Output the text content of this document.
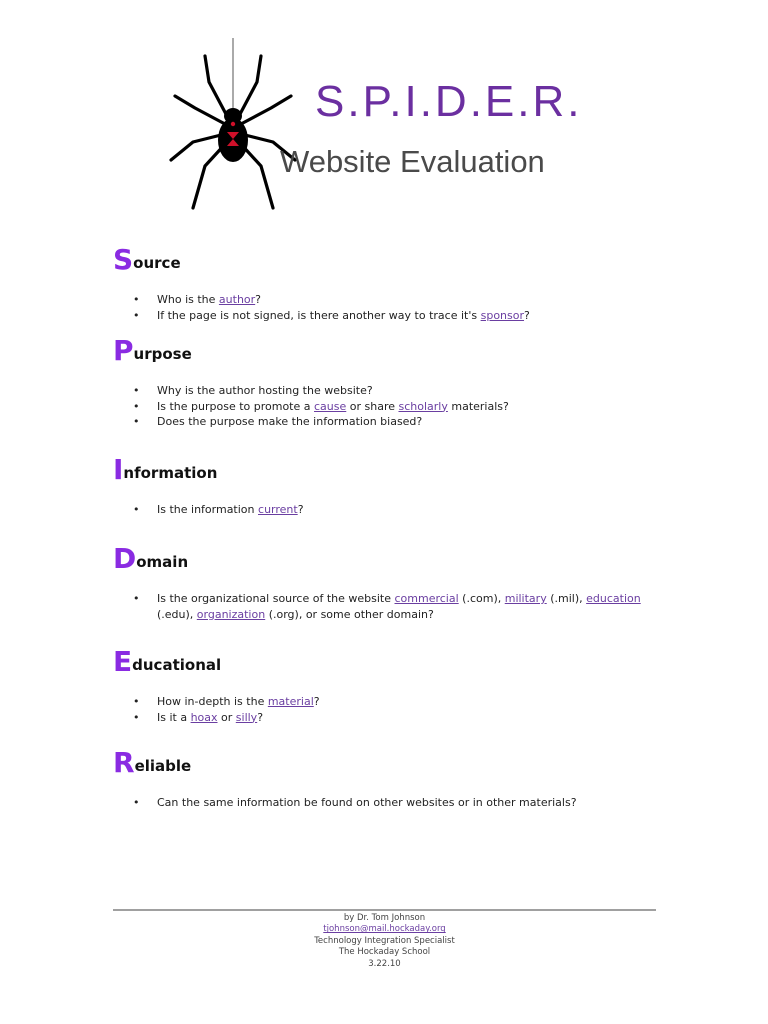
S.P.I.D.E.R.
Website Evaluation
Source
• Who is the author?
• If the page is not signed, is there another way to trace it's sponsor?
Purpose
• Why is the author hosting the website?
• Is the purpose to promote a cause or share scholarly materials?
• Does the purpose make the information biased?
Information
• Is the information current?
Domain
• Is the organizational source of the website commercial (.com), military (.mil), education (.edu), organization (.org), or some other domain?
Educational
• How in-depth is the material?
• Is it a hoax or silly?
Reliable
• Can the same information be found on other websites or in other materials?
by Dr. Tom Johnson
tjohnson@mail.hockaday.org
Technology Integration Specialist
The Hockaday School
3.22.10
